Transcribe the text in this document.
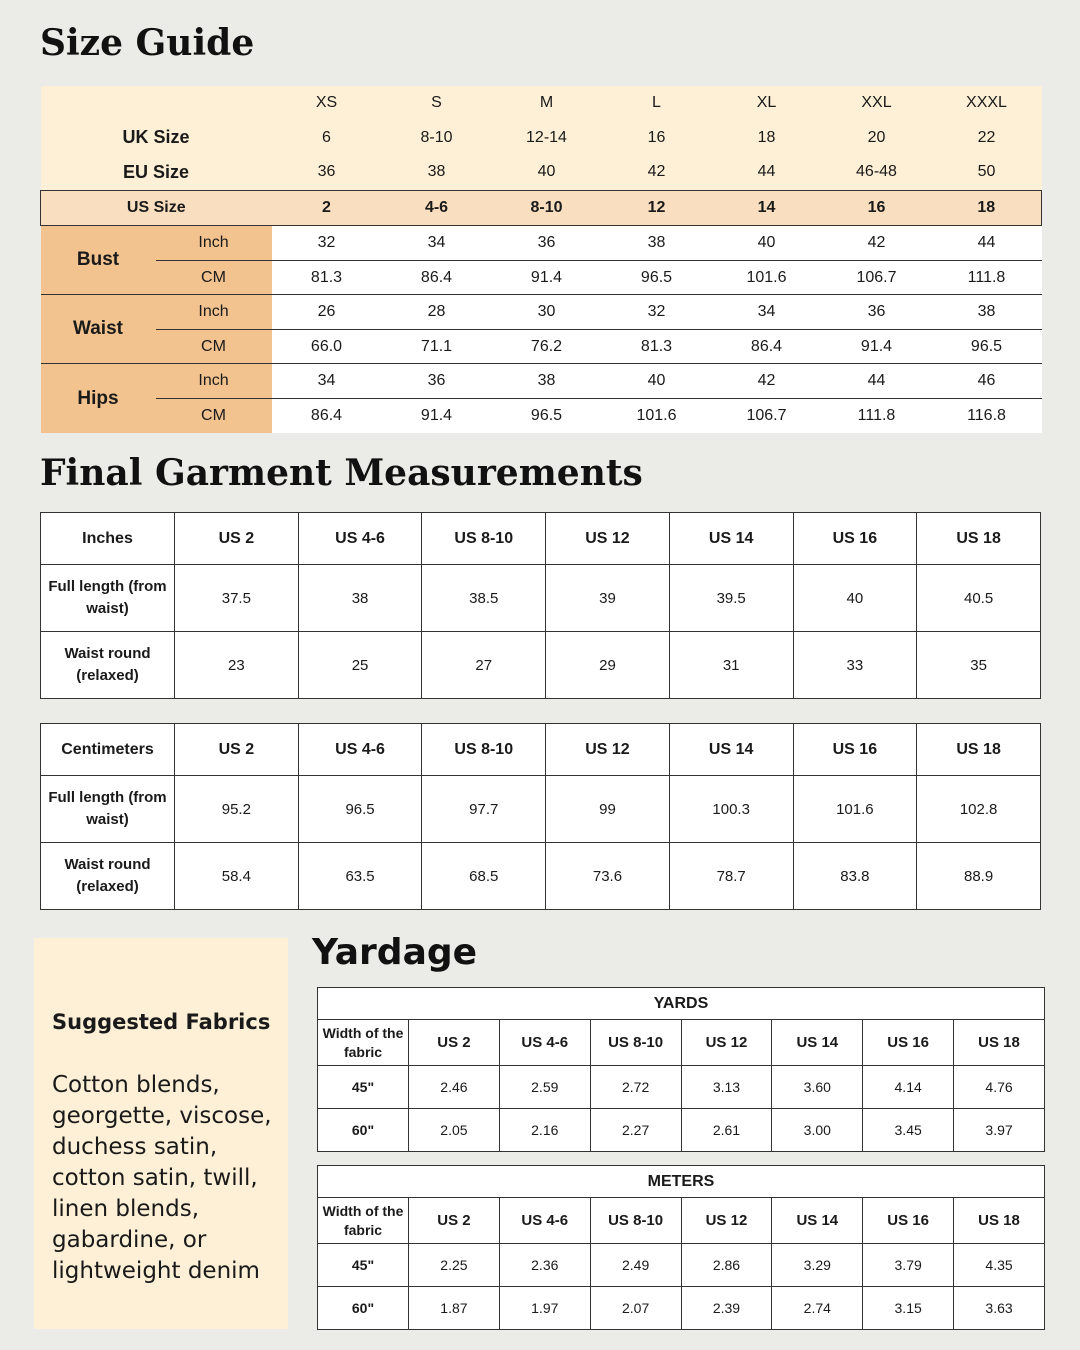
Size Guide
		XS	S	M	L	XL	XXL	XXXL
UK Size		6	8-10	12-14	16	18	20	22
EU Size		36	38	40	42	44	46-48	50
US Size		2	4-6	8-10	12	14	16	18
Bust	Inch	32	34	36	38	40	42	44
	CM	81.3	86.4	91.4	96.5	101.6	106.7	111.8
Waist	Inch	26	28	30	32	34	36	38
	CM	66.0	71.1	76.2	81.3	86.4	91.4	96.5
Hips	Inch	34	36	38	40	42	44	46
	CM	86.4	91.4	96.5	101.6	106.7	111.8	116.8
Final Garment Measurements
Inches	US 2	US 4-6	US 8-10	US 12	US 14	US 16	US 18
Full length (from waist)	37.5	38	38.5	39	39.5	40	40.5
Waist round (relaxed)	23	25	27	29	31	33	35
Centimeters	US 2	US 4-6	US 8-10	US 12	US 14	US 16	US 18
Full length (from waist)	95.2	96.5	97.7	99	100.3	101.6	102.8
Waist round (relaxed)	58.4	63.5	68.5	73.6	78.7	83.8	88.9
Suggested Fabrics
Cotton blends, georgette, viscose, duchess satin, cotton satin, twill, linen blends, gabardine, or lightweight denim
Yardage
YARDS							
Width of the fabric	US 2	US 4-6	US 8-10	US 12	US 14	US 16	US 18
45"	2.46	2.59	2.72	3.13	3.60	4.14	4.76
60"	2.05	2.16	2.27	2.61	3.00	3.45	3.97
METERS							
Width of the fabric	US 2	US 4-6	US 8-10	US 12	US 14	US 16	US 18
45"	2.25	2.36	2.49	2.86	3.29	3.79	4.35
60"	1.87	1.97	2.07	2.39	2.74	3.15	3.63
